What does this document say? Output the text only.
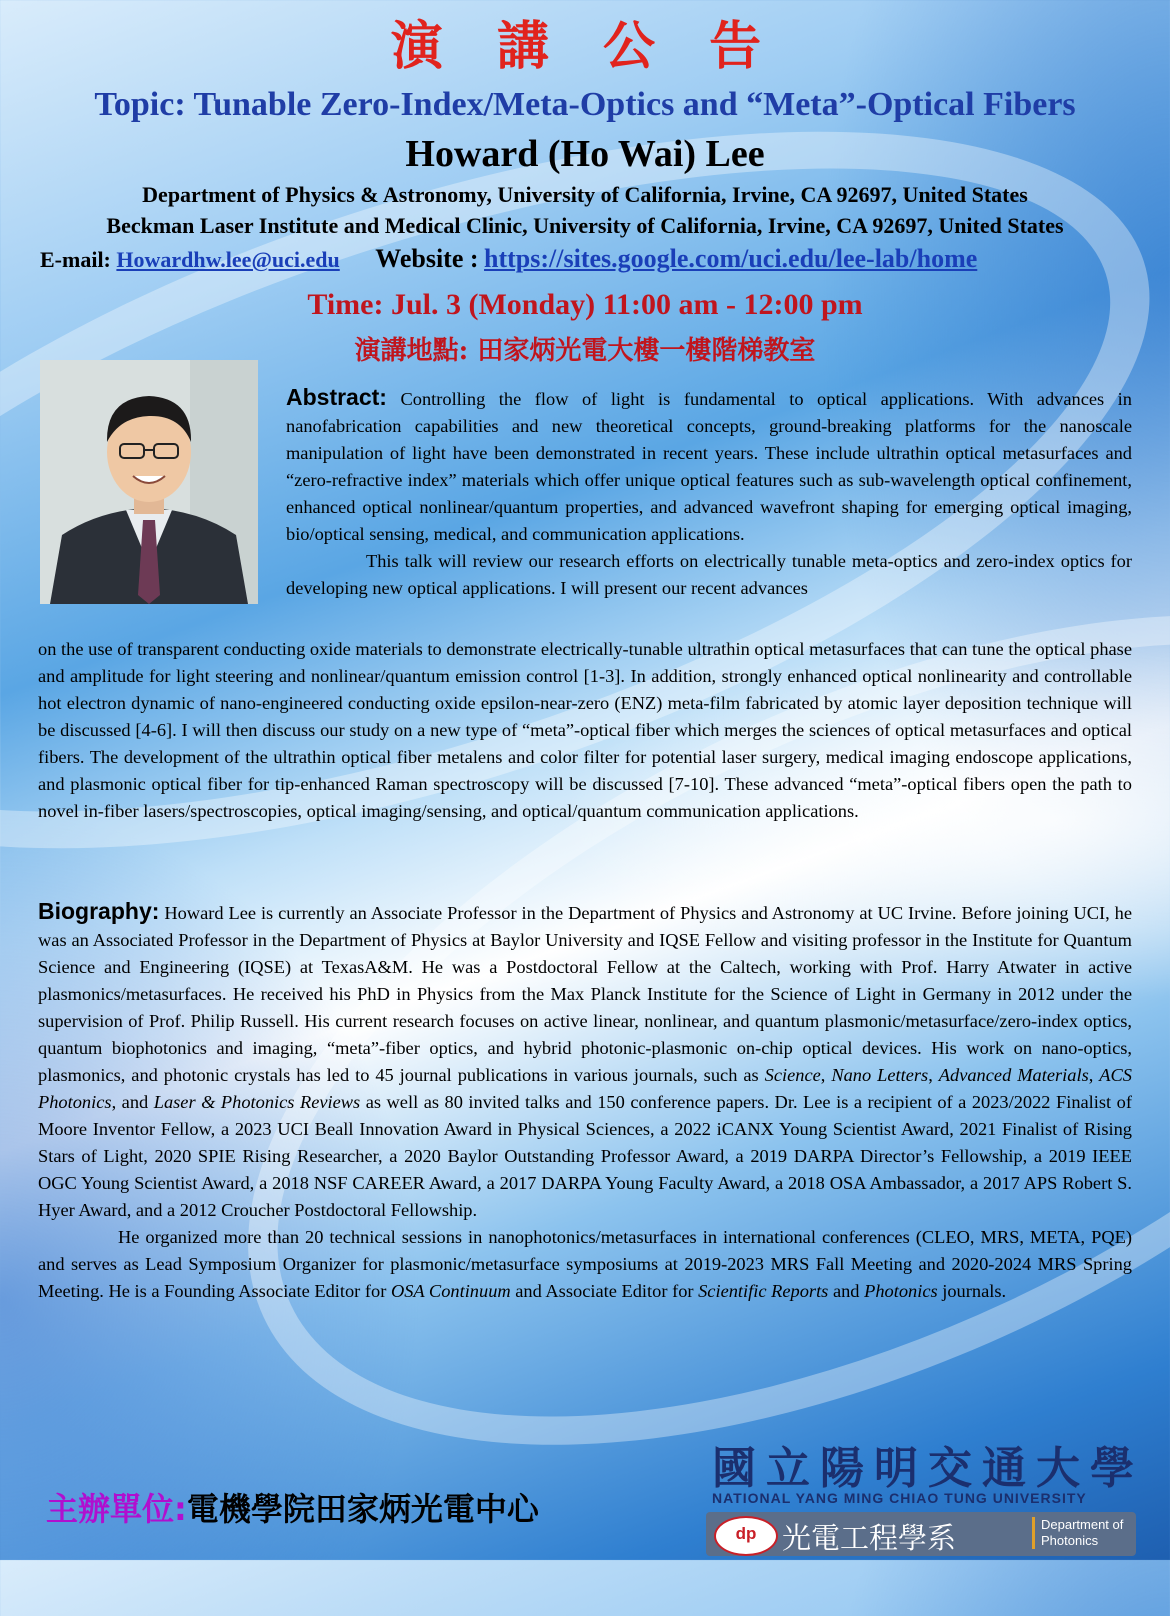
演 講 公 告
Topic: Tunable Zero-Index/Meta-Optics and “Meta”-Optical Fibers
Howard (Ho Wai) Lee
Department of Physics & Astronomy, University of California, Irvine, CA 92697, United States
Beckman Laser Institute and Medical Clinic, University of California, Irvine, CA 92697, United States
E-mail: Howardhw.lee@uci.edu Website : https://sites.google.com/uci.edu/lee-lab/home
Time: Jul. 3 (Monday) 11:00 am - 12:00 pm
演講地點: 田家炳光電大樓一樓階梯教室

Abstract: Controlling the flow of light is fundamental to optical applications. With advances in nanofabrication capabilities and new theoretical concepts, ground-breaking platforms for the nanoscale manipulation of light have been demonstrated in recent years. These include ultrathin optical metasurfaces and “zero-refractive index” materials which offer unique optical features such as sub-wavelength optical confinement, enhanced optical nonlinear/quantum properties, and advanced wavefront shaping for emerging optical imaging, bio/optical sensing, medical, and communication applications.

This talk will review our research efforts on electrically tunable meta-optics and zero-index optics for developing new optical applications. I will present our recent advances

on the use of transparent conducting oxide materials to demonstrate electrically-tunable ultrathin optical metasurfaces that can tune the optical phase and amplitude for light steering and nonlinear/quantum emission control [1-3]. In addition, strongly enhanced optical nonlinearity and controllable hot electron dynamic of nano-engineered conducting oxide epsilon-near-zero (ENZ) meta-film fabricated by atomic layer deposition technique will be discussed [4-6]. I will then discuss our study on a new type of “meta”-optical fiber which merges the sciences of optical metasurfaces and optical fibers. The development of the ultrathin optical fiber metalens and color filter for potential laser surgery, medical imaging endoscope applications, and plasmonic optical fiber for tip-enhanced Raman spectroscopy will be discussed [7-10]. These advanced “meta”-optical fibers open the path to novel in-fiber lasers/spectroscopies, optical imaging/sensing, and optical/quantum communication applications.

Biography: Howard Lee is currently an Associate Professor in the Department of Physics and Astronomy at UC Irvine. Before joining UCI, he was an Associated Professor in the Department of Physics at Baylor University and IQSE Fellow and visiting professor in the Institute for Quantum Science and Engineering (IQSE) at TexasA&M. He was a Postdoctoral Fellow at the Caltech, working with Prof. Harry Atwater in active plasmonics/metasurfaces. He received his PhD in Physics from the Max Planck Institute for the Science of Light in Germany in 2012 under the supervision of Prof. Philip Russell. His current research focuses on active linear, nonlinear, and quantum plasmonic/metasurface/zero-index optics, quantum biophotonics and imaging, “meta”-fiber optics, and hybrid photonic-plasmonic on-chip optical devices. His work on nano-optics, plasmonics, and photonic crystals has led to 45 journal publications in various journals, such as Science, Nano Letters, Advanced Materials, ACS Photonics, and Laser & Photonics Reviews as well as 80 invited talks and 150 conference papers. Dr. Lee is a recipient of a 2023/2022 Finalist of Moore Inventor Fellow, a 2023 UCI Beall Innovation Award in Physical Sciences, a 2022 iCANX Young Scientist Award, 2021 Finalist of Rising Stars of Light, 2020 SPIE Rising Researcher, a 2020 Baylor Outstanding Professor Award, a 2019 DARPA Director’s Fellowship, a 2019 IEEE OGC Young Scientist Award, a 2018 NSF CAREER Award, a 2017 DARPA Young Faculty Award, a 2018 OSA Ambassador, a 2017 APS Robert S. Hyer Award, and a 2012 Croucher Postdoctoral Fellowship.

He organized more than 20 technical sessions in nanophotonics/metasurfaces in international conferences (CLEO, MRS, META, PQE) and serves as Lead Symposium Organizer for plasmonic/metasurface symposiums at 2019-2023 MRS Fall Meeting and 2020-2024 MRS Spring Meeting. He is a Founding Associate Editor for OSA Continuum and Associate Editor for Scientific Reports and Photonics journals.

主辦單位:電機學院田家炳光電中心
國立陽明交通大學
NATIONAL YANG MING CHIAO TUNG UNIVERSITY
dp 光電工程學系	Department of Photonics
